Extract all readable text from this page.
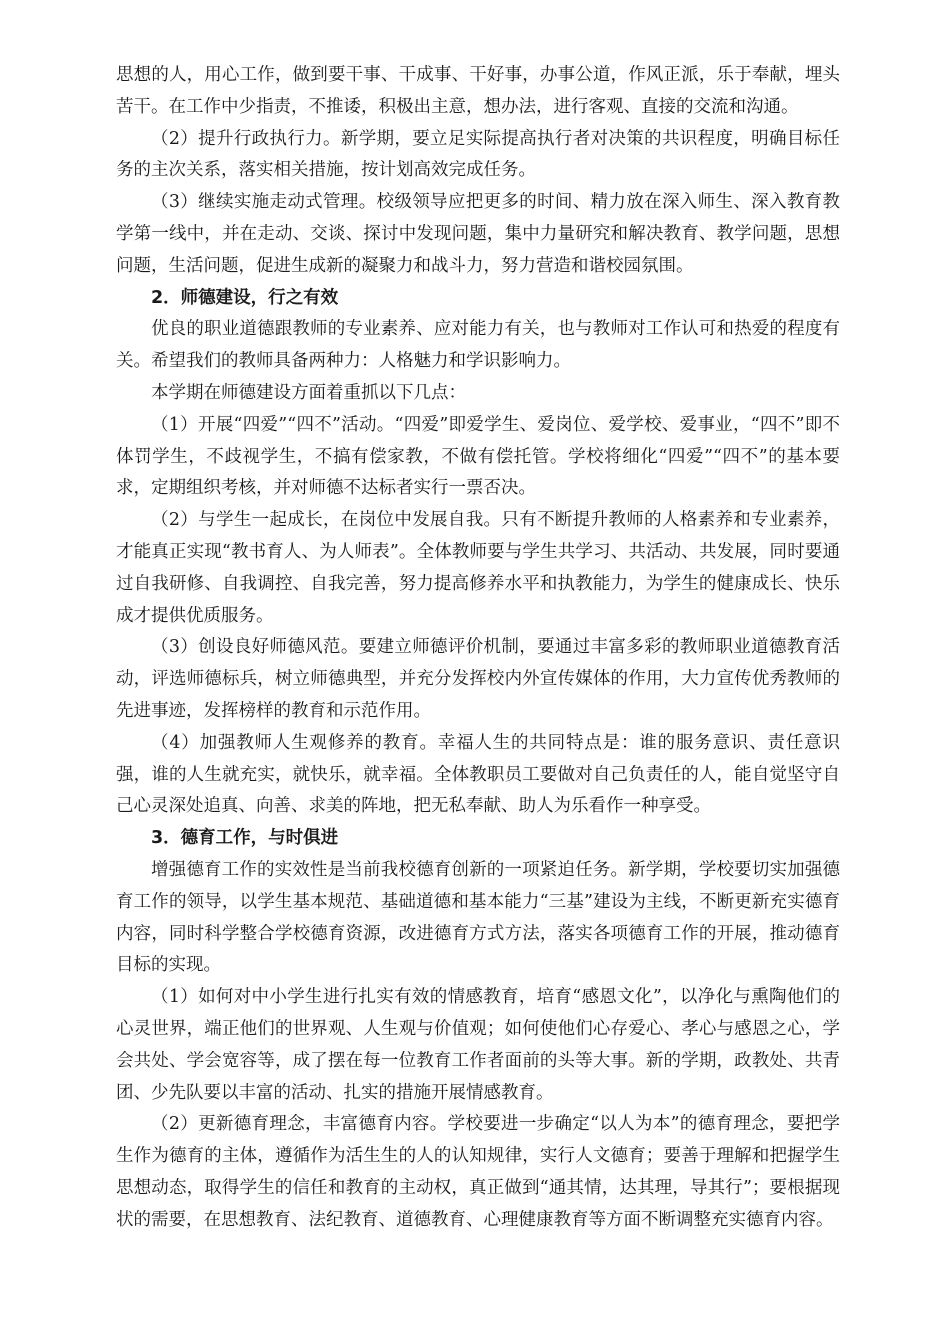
思想的人，用心工作，做到要干事、干成事、干好事，办事公道，作风正派，乐于奉献，埋头苦干。在工作中少指责，不推诿，积极出主意，想办法，进行客观、直接的交流和沟通。

（2）提升行政执行力。新学期，要立足实际提高执行者对决策的共识程度，明确目标任务的主次关系，落实相关措施，按计划高效完成任务。

（3）继续实施走动式管理。校级领导应把更多的时间、精力放在深入师生、深入教育教学第一线中，并在走动、交谈、探讨中发现问题，集中力量研究和解决教育、教学问题，思想问题，生活问题，促进生成新的凝聚力和战斗力，努力营造和谐校园氛围。

2．师德建设，行之有效

优良的职业道德跟教师的专业素养、应对能力有关，也与教师对工作认可和热爱的程度有关。希望我们的教师具备两种力：人格魅力和学识影响力。

本学期在师德建设方面着重抓以下几点：

（1）开展“四爱”“四不”活动。“四爱”即爱学生、爱岗位、爱学校、爱事业，“四不”即不体罚学生，不歧视学生，不搞有偿家教，不做有偿托管。学校将细化“四爱”“四不”的基本要求，定期组织考核，并对师德不达标者实行一票否决。

（2）与学生一起成长，在岗位中发展自我。只有不断提升教师的人格素养和专业素养，才能真正实现“教书育人、为人师表”。全体教师要与学生共学习、共活动、共发展，同时要通过自我研修、自我调控、自我完善，努力提高修养水平和执教能力，为学生的健康成长、快乐成才提供优质服务。

（3）创设良好师德风范。要建立师德评价机制，要通过丰富多彩的教师职业道德教育活动，评选师德标兵，树立师德典型，并充分发挥校内外宣传媒体的作用，大力宣传优秀教师的先进事迹，发挥榜样的教育和示范作用。

（4）加强教师人生观修养的教育。幸福人生的共同特点是：谁的服务意识、责任意识强，谁的人生就充实，就快乐，就幸福。全体教职员工要做对自己负责任的人，能自觉坚守自己心灵深处追真、向善、求美的阵地，把无私奉献、助人为乐看作一种享受。

3．德育工作，与时俱进

增强德育工作的实效性是当前我校德育创新的一项紧迫任务。新学期，学校要切实加强德育工作的领导，以学生基本规范、基础道德和基本能力“三基”建设为主线，不断更新充实德育内容，同时科学整合学校德育资源，改进德育方式方法，落实各项德育工作的开展，推动德育目标的实现。

（1）如何对中小学生进行扎实有效的情感教育，培育“感恩文化”，以净化与熏陶他们的心灵世界，端正他们的世界观、人生观与价值观；如何使他们心存爱心、孝心与感恩之心，学会共处、学会宽容等，成了摆在每一位教育工作者面前的头等大事。新的学期，政教处、共青团、少先队要以丰富的活动、扎实的措施开展情感教育。

（2）更新德育理念，丰富德育内容。学校要进一步确定“以人为本”的德育理念，要把学生作为德育的主体，遵循作为活生生的人的认知规律，实行人文德育；要善于理解和把握学生思想动态，取得学生的信任和教育的主动权，真正做到“通其情，达其理，导其行”；要根据现状的需要，在思想教育、法纪教育、道德教育、心理健康教育等方面不断调整充实德育内容。
